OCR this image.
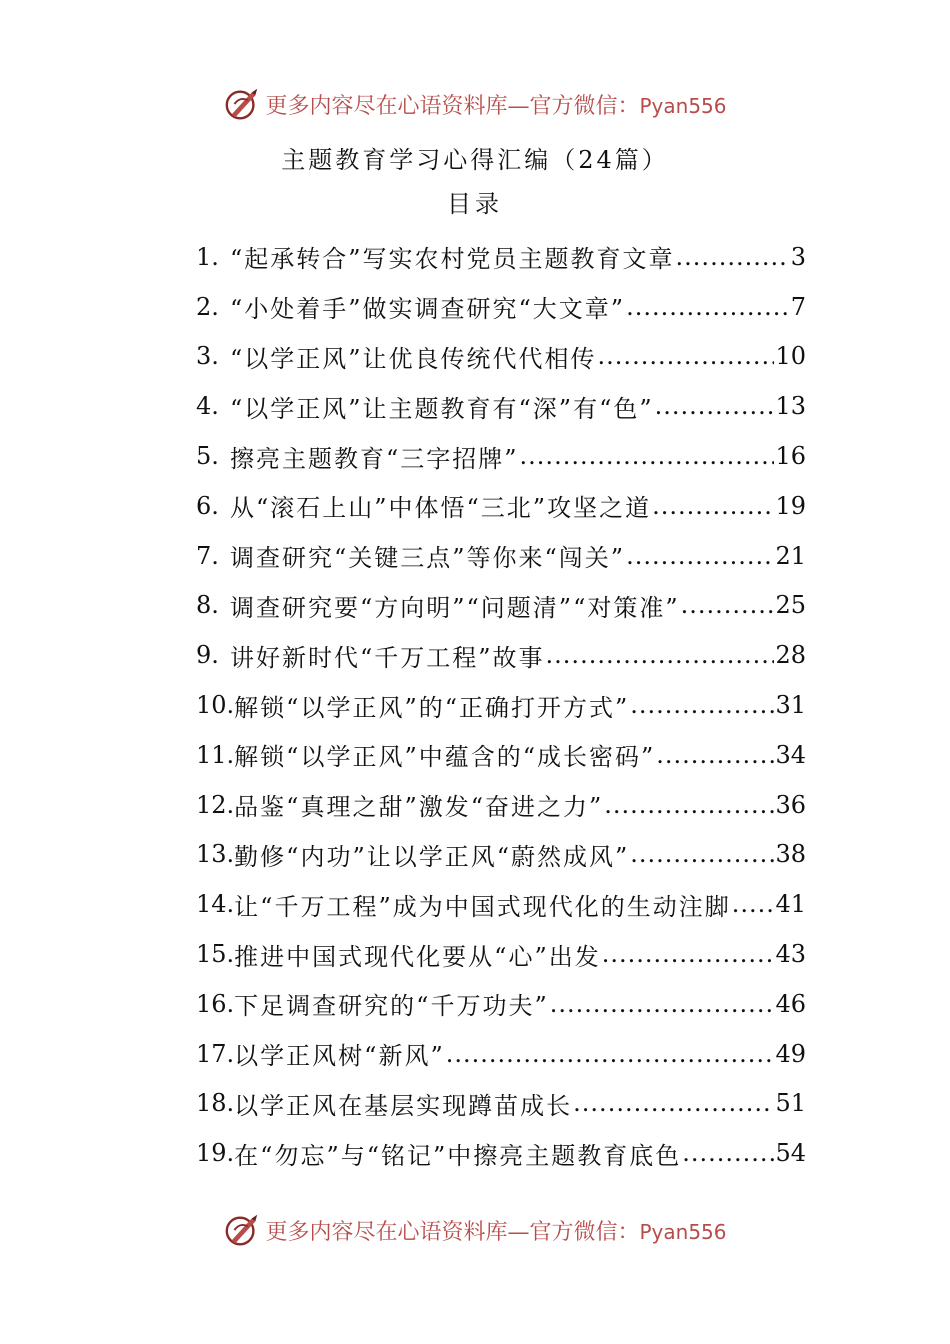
更多内容尽在心语资料库—官方微信：Pyan556
主题教育学习心得汇编（24篇）
目录
1. “起承转合”写实农村党员主题教育文章 .....	3
2. “小处着手”做实调查研究“大文章” .....	7
3. “以学正风”让优良传统代代相传 .....	10
4. “以学正风”让主题教育有“深”有“色” .....	13
5. 擦亮主题教育“三字招牌” .....	16
6. 从“滚石上山”中体悟“三北”攻坚之道 .....	19
7. 调查研究“关键三点”等你来“闯关” .....	21
8. 调查研究要“方向明”“问题清”“对策准” .....	25
9. 讲好新时代“千万工程”故事 .....	28
10. 解锁“以学正风”的“正确打开方式” .....	31
11. 解锁“以学正风”中蕴含的“成长密码” .....	34
12. 品鉴“真理之甜”激发“奋进之力” .....	36
13. 勤修“内功”让以学正风“蔚然成风” .....	38
14. 让“千万工程”成为中国式现代化的生动注脚 ..... 41
15. 推进中国式现代化要从“心”出发 .....	43
16. 下足调查研究的“千万功夫” .....	46
17. 以学正风树“新风” .....	49
18. 以学正风在基层实现蹲苗成长 .....	51
19. 在“勿忘”与“铭记”中擦亮主题教育底色 .....	54
更多内容尽在心语资料库—官方微信：Pyan556
